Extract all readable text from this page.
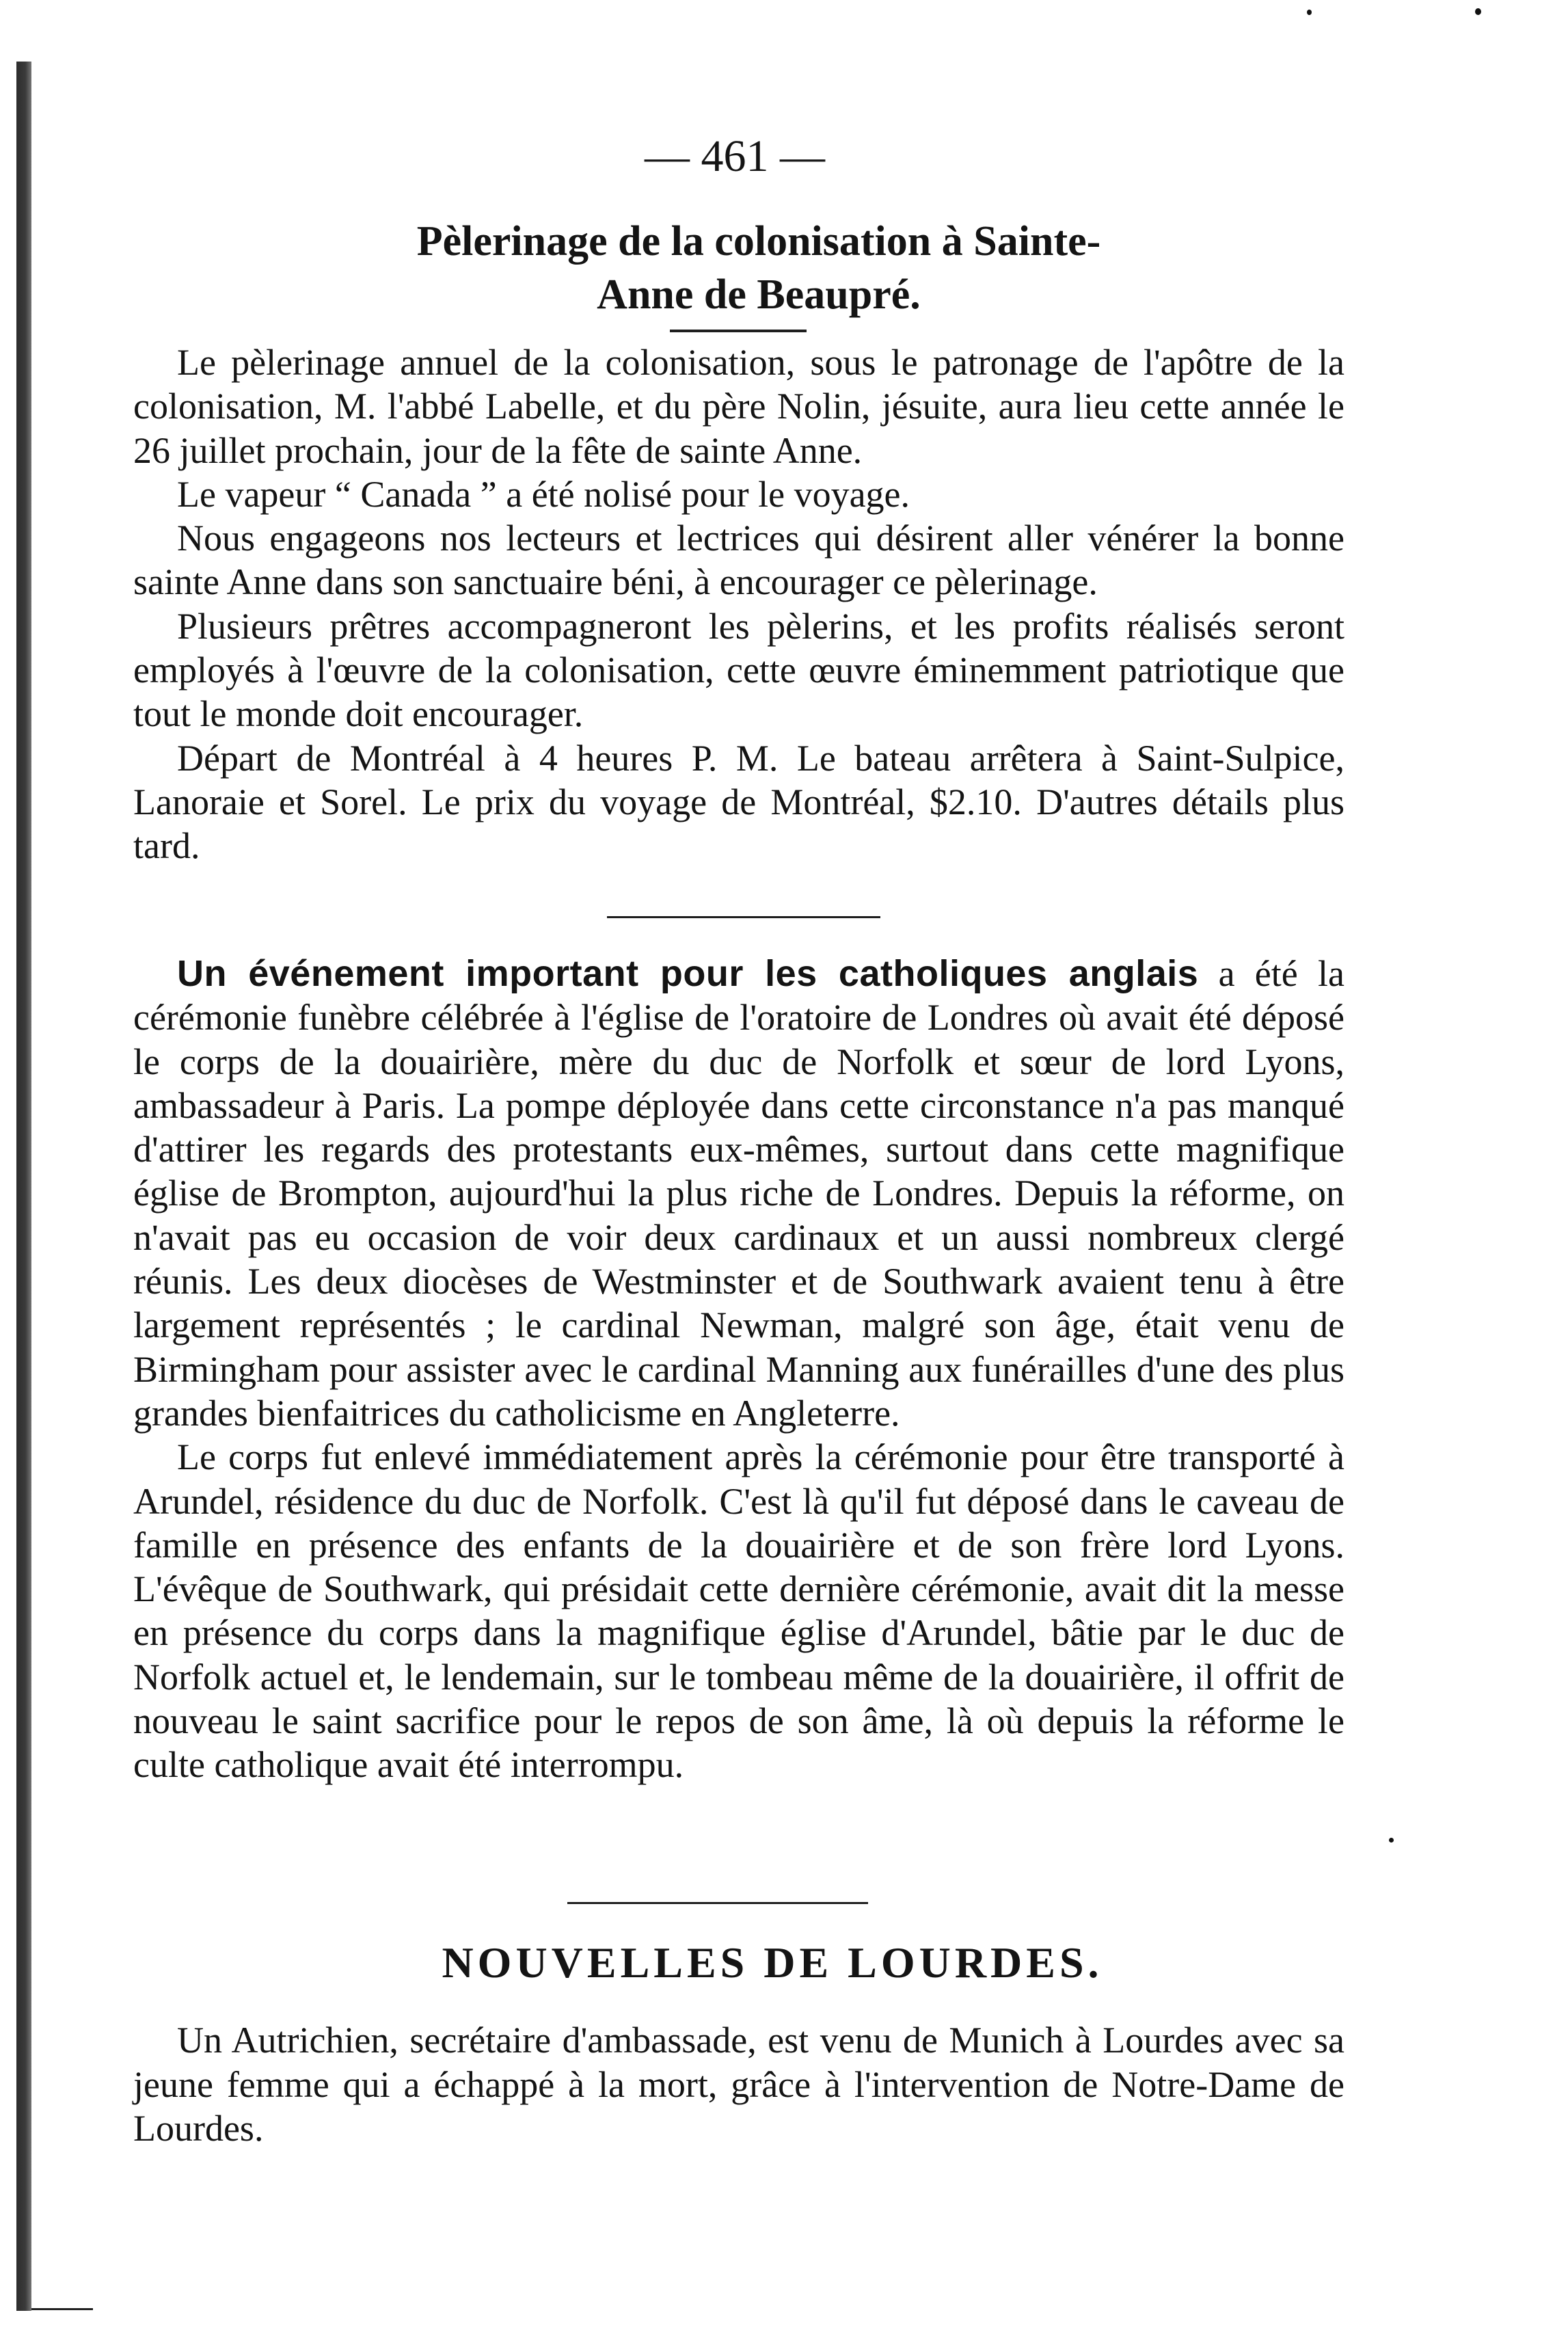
— 461 —
Pèlerinage de la colonisation à Sainte-
Anne de Beaupré.

Le pèlerinage annuel de la colonisation, sous le patronage de l'apôtre de la colonisation, M. l'abbé Labelle, et du père Nolin, jésuite, aura lieu cette année le 26 juillet prochain, jour de la fête de sainte Anne.

Le vapeur “ Canada ” a été nolisé pour le voyage.

Nous engageons nos lecteurs et lectrices qui désirent aller vénérer la bonne sainte Anne dans son sanctuaire béni, à encourager ce pèlerinage.

Plusieurs prêtres accompagneront les pèlerins, et les profits réalisés seront employés à l'œuvre de la colonisation, cette œuvre éminemment patriotique que tout le monde doit encourager.

Départ de Montréal à 4 heures P. M. Le bateau arrêtera à Saint-Sulpice, Lanoraie et Sorel. Le prix du voyage de Montréal, $2.10. D'autres détails plus tard.

Un événement important pour les catholiques anglais a été la cérémonie funèbre célébrée à l'église de l'oratoire de Londres où avait été déposé le corps de la douairière, mère du duc de Norfolk et sœur de lord Lyons, ambassadeur à Paris. La pompe déployée dans cette circonstance n'a pas manqué d'attirer les regards des protestants eux-mêmes, surtout dans cette magnifique église de Brompton, aujourd'hui la plus riche de Londres. Depuis la réforme, on n'avait pas eu occasion de voir deux cardinaux et un aussi nombreux clergé réunis. Les deux diocèses de Westminster et de Southwark avaient tenu à être largement représentés ; le cardinal Newman, malgré son âge, était venu de Birmingham pour assister avec le cardinal Manning aux funérailles d'une des plus grandes bienfaitrices du catholicisme en Angleterre.

Le corps fut enlevé immédiatement après la cérémonie pour être transporté à Arundel, résidence du duc de Norfolk. C'est là qu'il fut déposé dans le caveau de famille en présence des enfants de la douairière et de son frère lord Lyons. L'évêque de Southwark, qui présidait cette dernière cérémonie, avait dit la messe en présence du corps dans la magnifique église d'Arundel, bâtie par le duc de Norfolk actuel et, le lendemain, sur le tombeau même de la douairière, il offrit de nouveau le saint sacrifice pour le repos de son âme, là où depuis la réforme le culte catholique avait été interrompu.

NOUVELLES DE LOURDES.

Un Autrichien, secrétaire d'ambassade, est venu de Munich à Lourdes avec sa jeune femme qui a échappé à la mort, grâce à l'intervention de Notre-Dame de Lourdes.
